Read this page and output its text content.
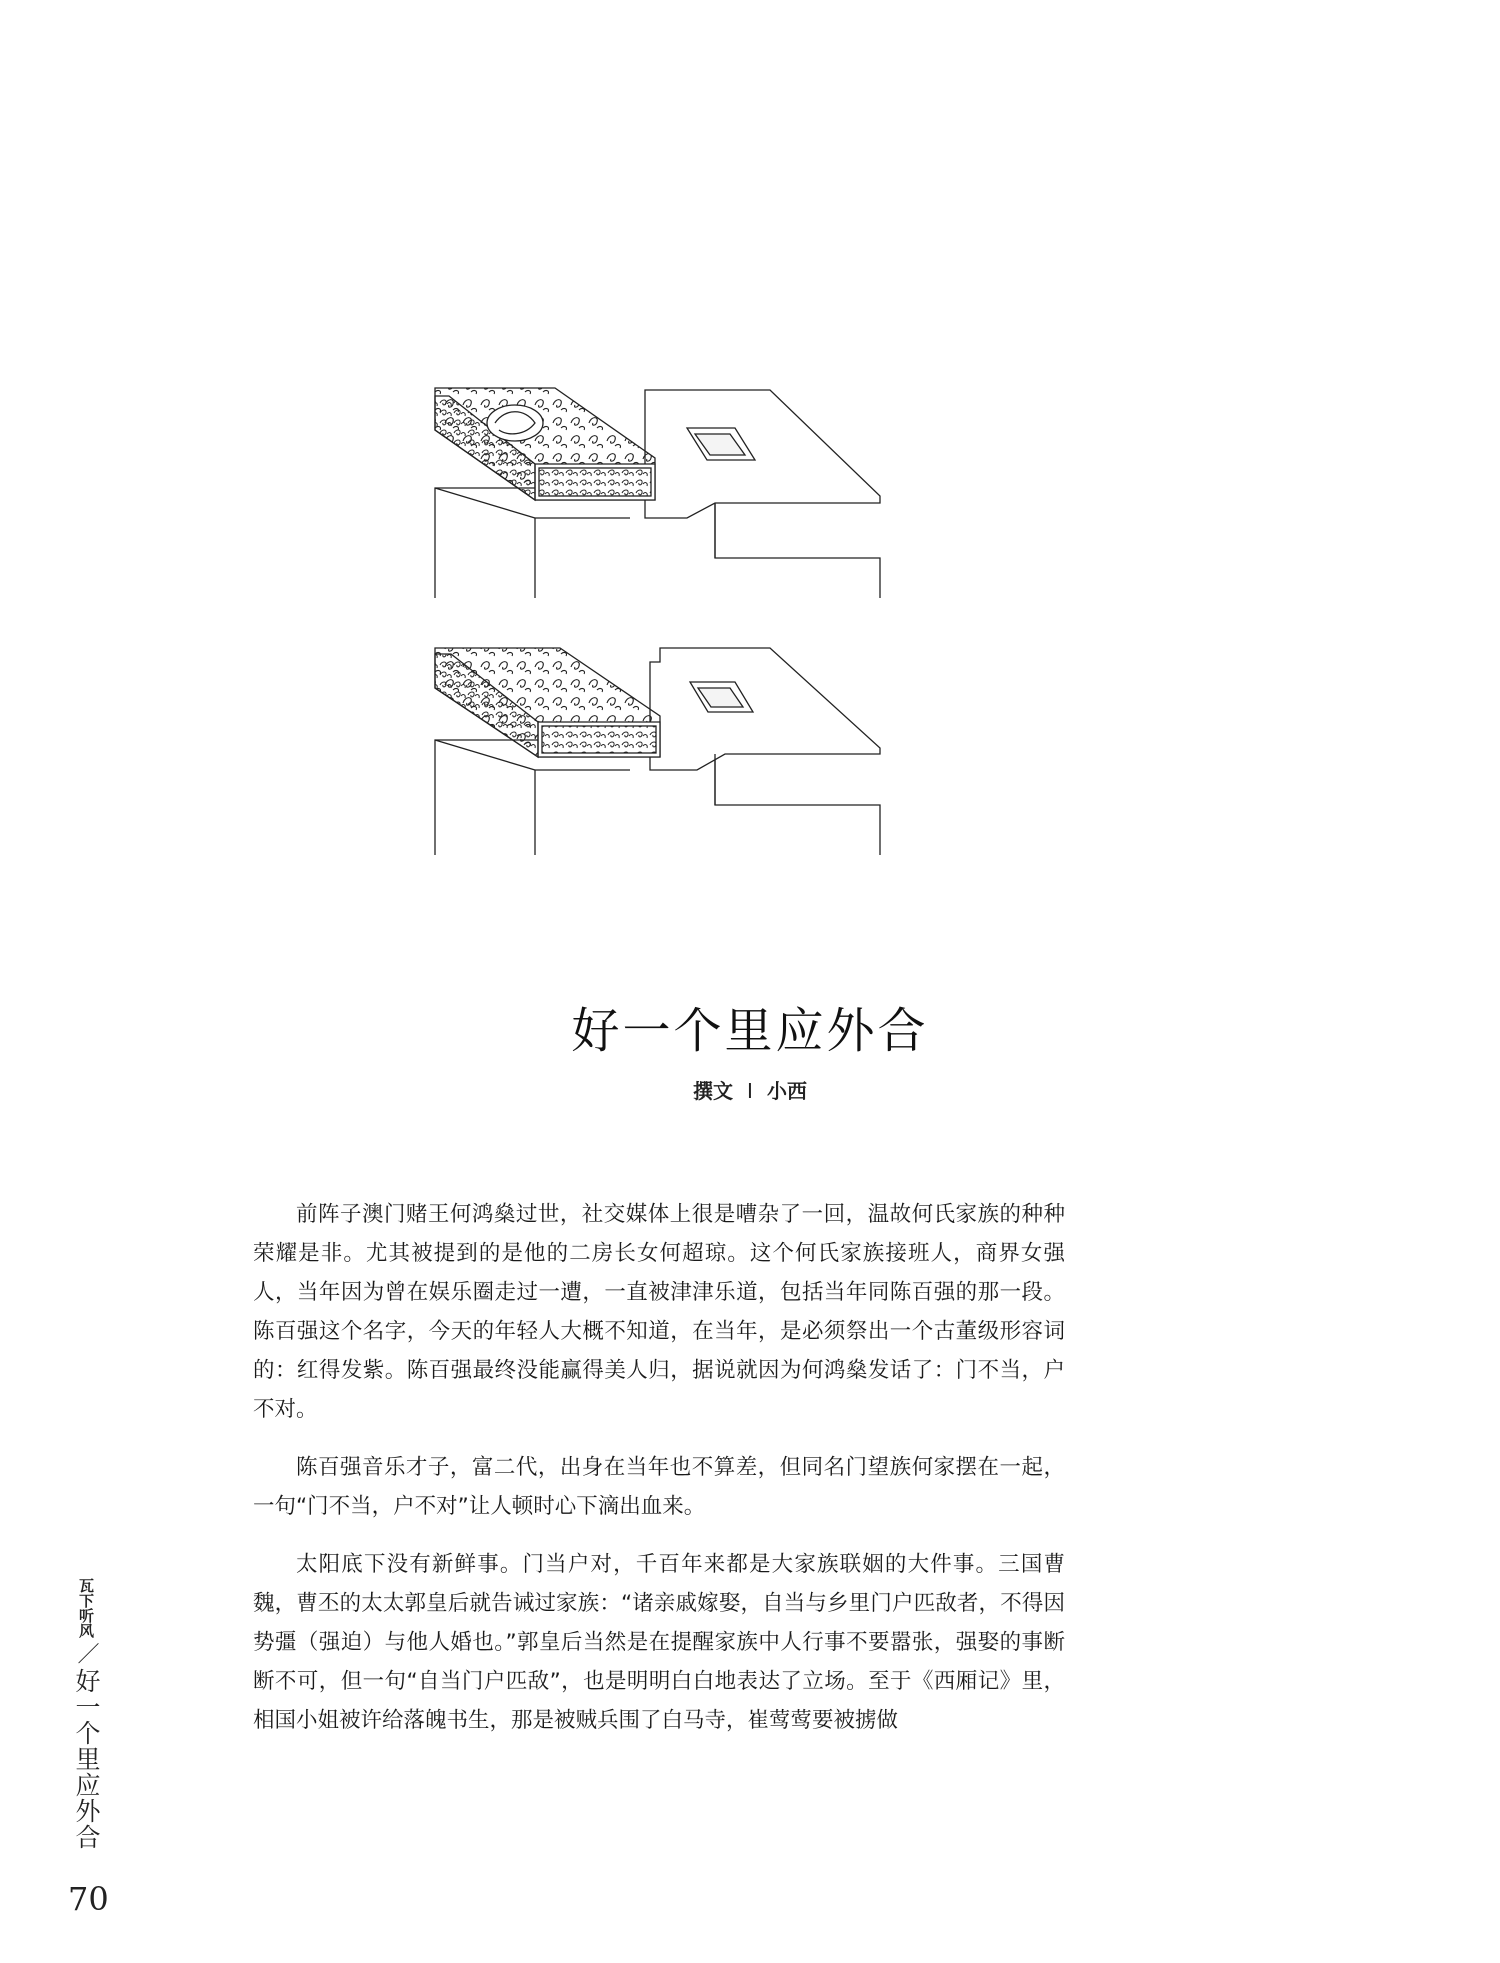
好一个里应外合
撰文 I 小西

前阵子澳门赌王何鸿燊过世，社交媒体上很是嘈杂了一回，温故何氏家族的种种荣耀是非。尤其被提到的是他的二房长女何超琼。这个何氏家族接班人，商界女强人，当年因为曾在娱乐圈走过一遭，一直被津津乐道，包括当年同陈百强的那一段。陈百强这个名字，今天的年轻人大概不知道，在当年，是必须祭出一个古董级形容词的：红得发紫。陈百强最终没能赢得美人归，据说就因为何鸿燊发话了：门不当，户不对。

陈百强音乐才子，富二代，出身在当年也不算差，但同名门望族何家摆在一起，一句“门不当，户不对”让人顿时心下滴出血来。

太阳底下没有新鲜事。门当户对，千百年来都是大家族联姻的大件事。三国曹魏，曹丕的太太郭皇后就告诫过家族：“诸亲戚嫁娶，自当与乡里门户匹敌者，不得因势彊（强迫）与他人婚也。”郭皇后当然是在提醒家族中人行事不要嚣张，强娶的事断断不可，但一句“自当门户匹敌”，也是明明白白地表达了立场。至于《西厢记》里，相国小姐被许给落魄书生，那是被贼兵围了白马寺，崔莺莺要被掳做

瓦下听风／好一个里应外合
70
